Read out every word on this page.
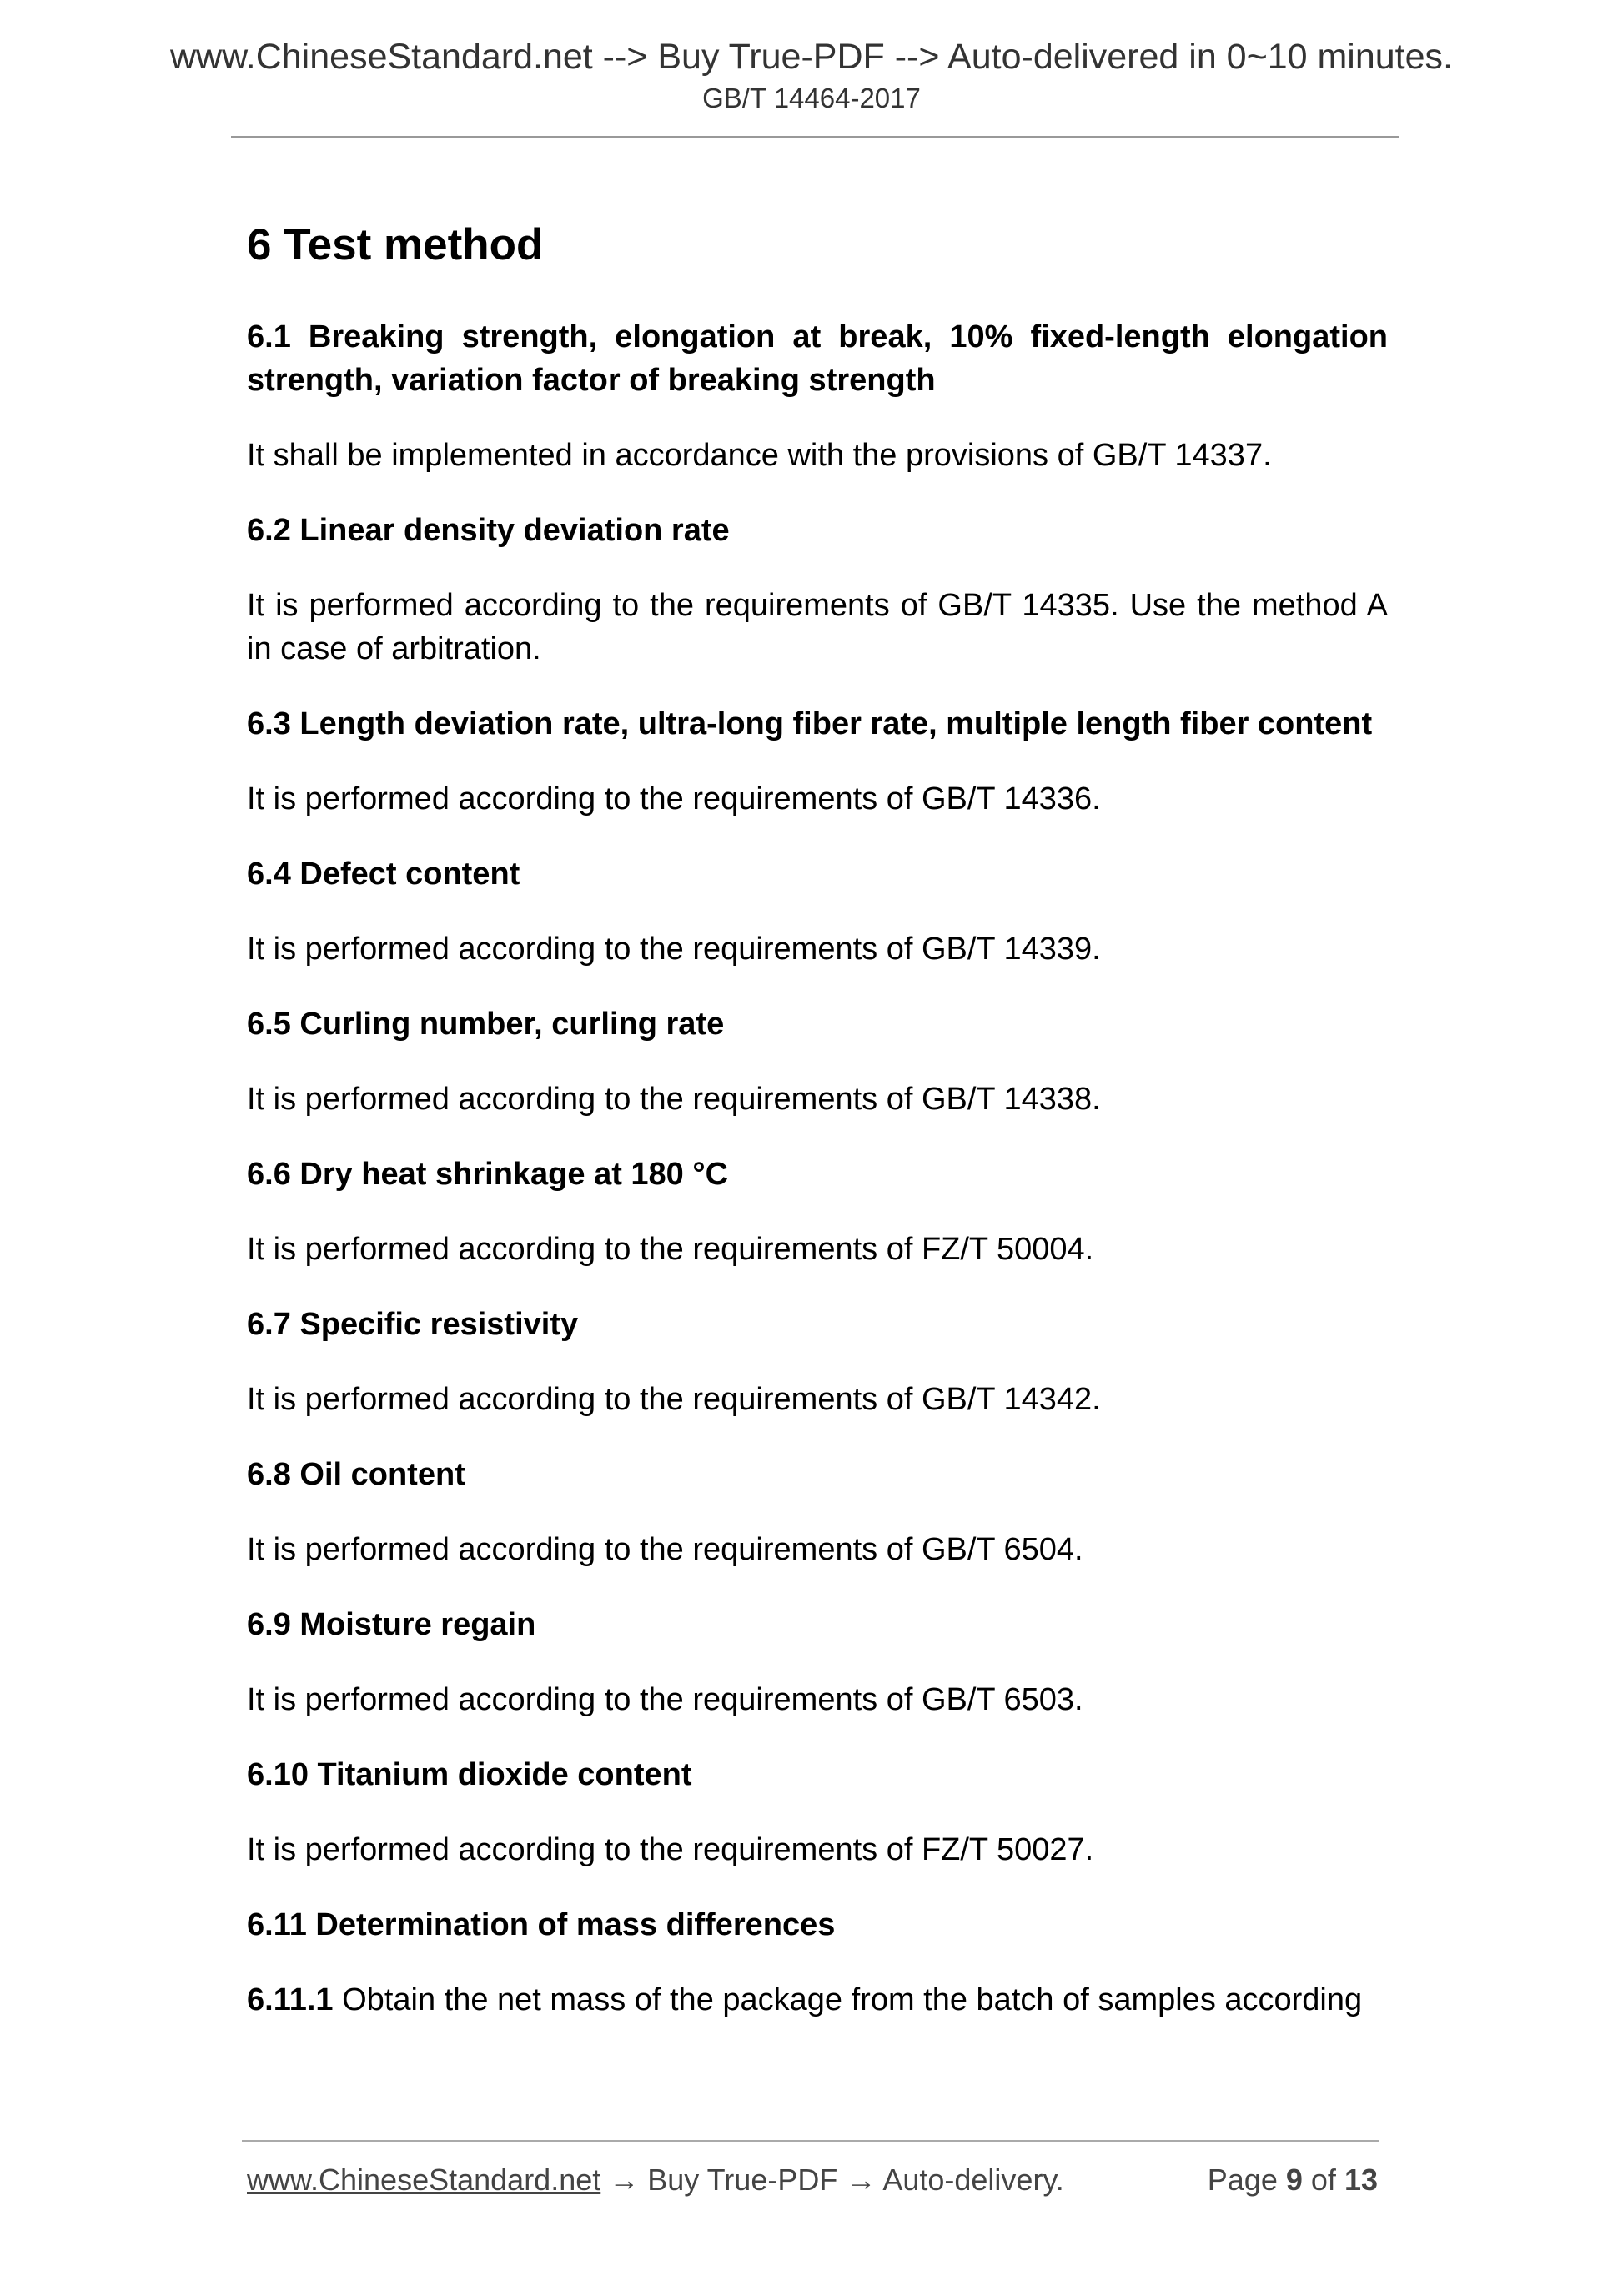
www.ChineseStandard.net --> Buy True-PDF --> Auto-delivered in 0~10 minutes.
GB/T 14464-2017
6 Test method

6.1 Breaking strength, elongation at break, 10% fixed-length elongation strength, variation factor of breaking strength

It shall be implemented in accordance with the provisions of GB/T 14337.

6.2 Linear density deviation rate

It is performed according to the requirements of GB/T 14335. Use the method A in case of arbitration.

6.3 Length deviation rate, ultra-long fiber rate, multiple length fiber content

It is performed according to the requirements of GB/T 14336.

6.4 Defect content

It is performed according to the requirements of GB/T 14339.

6.5 Curling number, curling rate

It is performed according to the requirements of GB/T 14338.

6.6 Dry heat shrinkage at 180 °C

It is performed according to the requirements of FZ/T 50004.

6.7 Specific resistivity

It is performed according to the requirements of GB/T 14342.

6.8 Oil content

It is performed according to the requirements of GB/T 6504.

6.9 Moisture regain

It is performed according to the requirements of GB/T 6503.

6.10 Titanium dioxide content

It is performed according to the requirements of FZ/T 50027.

6.11 Determination of mass differences

6.11.1 Obtain the net mass of the package from the batch of samples according

www.ChineseStandard.net → Buy True-PDF → Auto-delivery.	Page 9 of 13
